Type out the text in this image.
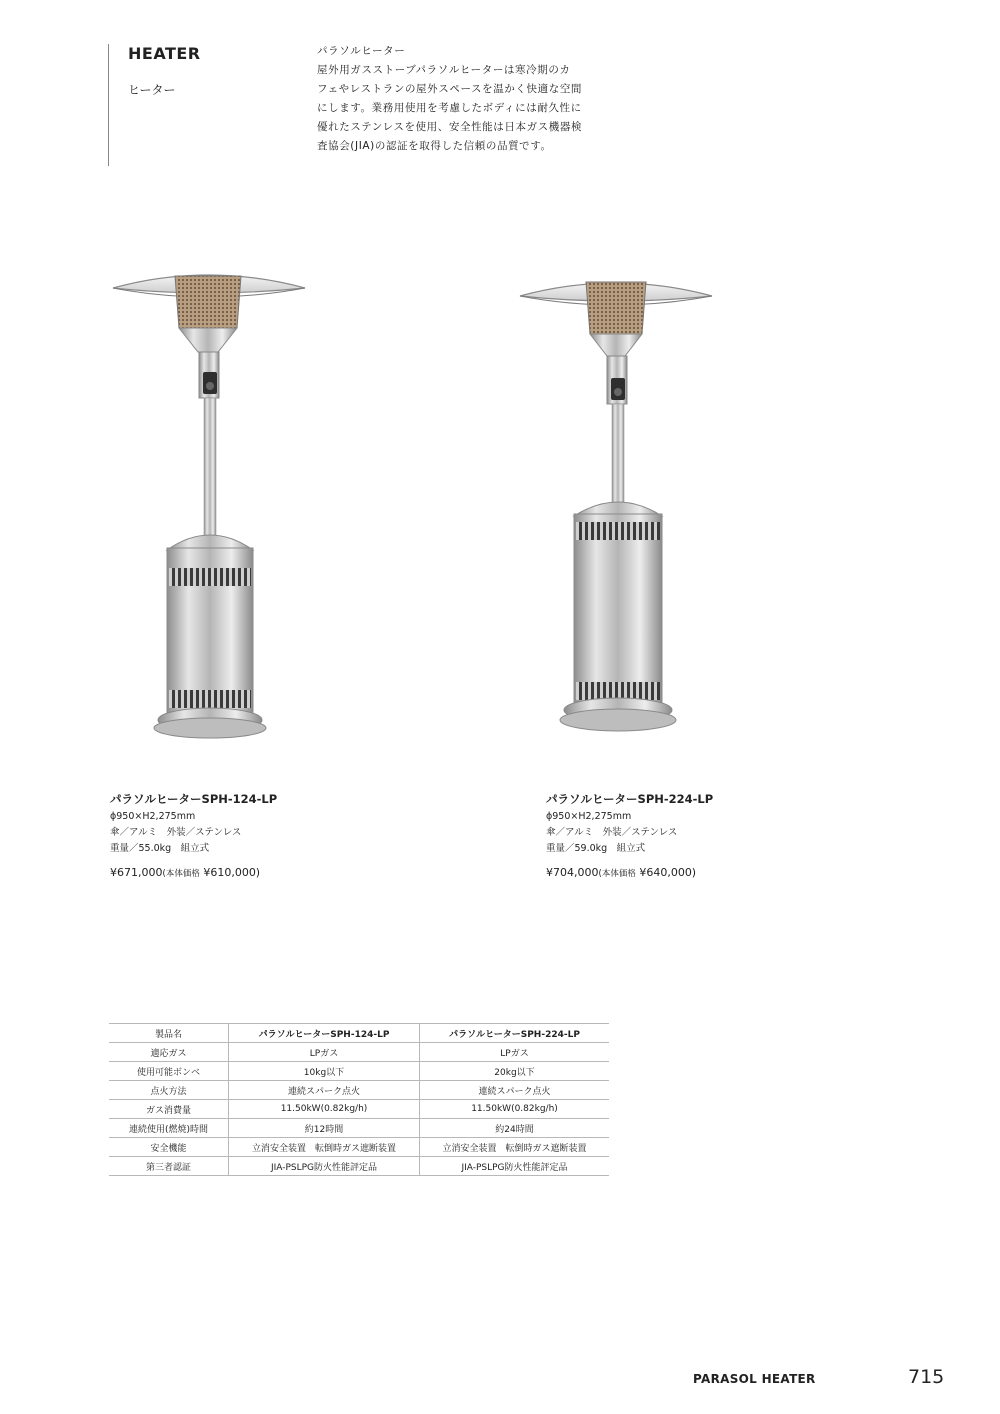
HEATER
ヒーター
パラソルヒーター
屋外用ガスストーブパラソルヒーターは寒冷期のカ
フェやレストランの屋外スペースを温かく快適な空間
にします。業務用使用を考慮したボディには耐久性に
優れたステンレスを使用、安全性能は日本ガス機器検
査協会(JIA)の認証を取得した信頼の品質です。
パラソルヒーターSPH-124-LP
ϕ950×H2,275mm
傘／アルミ　外装／ステンレス
重量／55.0kg　組立式
¥671,000(本体価格 ¥610,000)
パラソルヒーターSPH-224-LP
ϕ950×H2,275mm
傘／アルミ　外装／ステンレス
重量／59.0kg　組立式
¥704,000(本体価格 ¥640,000)
製品名	パラソルヒーターSPH-124-LP	パラソルヒーターSPH-224-LP
適応ガス	LPガス	LPガス
使用可能ボンベ	10kg以下	20kg以下
点火方法	連続スパーク点火	連続スパーク点火
ガス消費量	11.50kW(0.82kg/h)	11.50kW(0.82kg/h)
連続使用(燃焼)時間	約12時間	約24時間
安全機能	立消安全装置　転倒時ガス遮断装置	立消安全装置　転倒時ガス遮断装置
第三者認証	JIA-PSLPG防火性能評定品	JIA-PSLPG防火性能評定品
PARASOL HEATER	715
